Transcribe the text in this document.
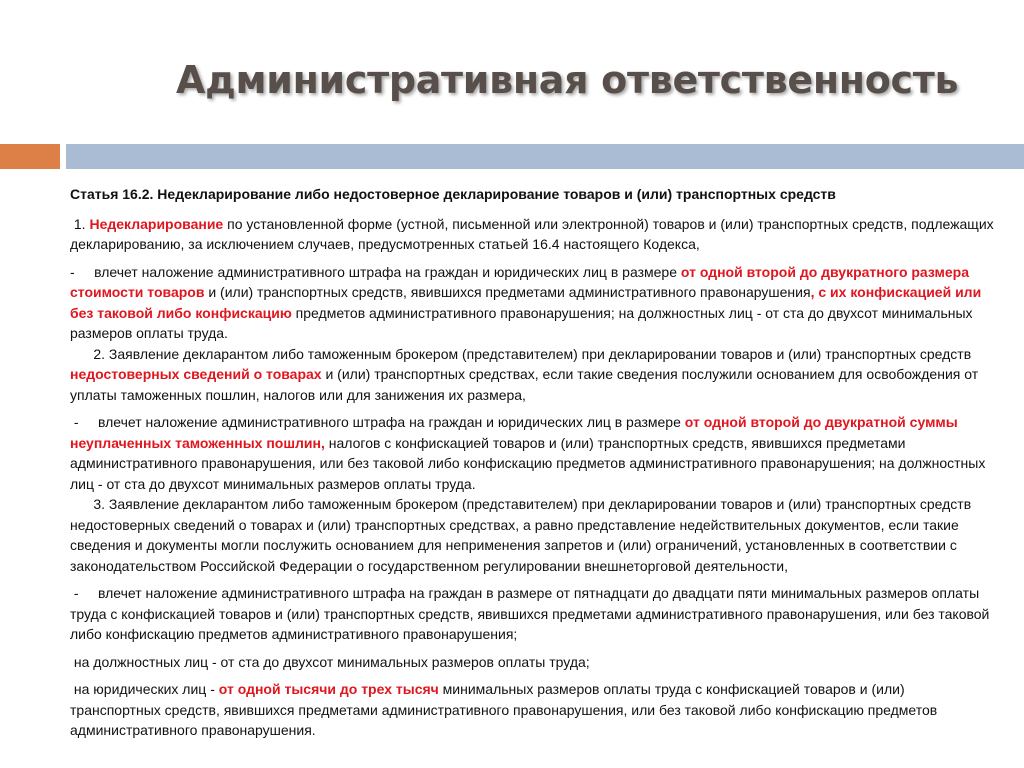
Административная ответственность

Статья 16.2. Недекларирование либо недостоверное декларирование товаров и (или) транспортных средств

1. Недекларирование по установленной форме (устной, письменной или электронной) товаров и (или) транспортных средств, подлежащих декларированию, за исключением случаев, предусмотренных статьей 16.4 настоящего Кодекса,

-     влечет наложение административного штрафа на граждан и юридических лиц в размере от одной второй до двукратного размера стоимости товаров и (или) транспортных средств, явившихся предметами административного правонарушения, с их конфискацией или без таковой либо конфискацию предметов административного правонарушения; на должностных лиц - от ста до двухсот минимальных размеров оплаты труда.

2. Заявление декларантом либо таможенным брокером (представителем) при декларировании товаров и (или) транспортных средств недостоверных сведений о товарах и (или) транспортных средствах, если такие сведения послужили основанием для освобождения от уплаты таможенных пошлин, налогов или для занижения их размера,

-     влечет наложение административного штрафа на граждан и юридических лиц в размере от одной второй до двукратной суммы неуплаченных таможенных пошлин, налогов с конфискацией товаров и (или) транспортных средств, явившихся предметами административного правонарушения, или без таковой либо конфискацию предметов административного правонарушения; на должностных лиц - от ста до двухсот минимальных размеров оплаты труда.

3. Заявление декларантом либо таможенным брокером (представителем) при декларировании товаров и (или) транспортных средств недостоверных сведений о товарах и (или) транспортных средствах, а равно представление недействительных документов, если такие сведения и документы могли послужить основанием для неприменения запретов и (или) ограничений, установленных в соответствии с законодательством Российской Федерации о государственном регулировании внешнеторговой деятельности,

-     влечет наложение административного штрафа на граждан в размере от пятнадцати до двадцати пяти минимальных размеров оплаты труда с конфискацией товаров и (или) транспортных средств, явившихся предметами административного правонарушения, или без таковой либо конфискацию предметов административного правонарушения;

на должностных лиц - от ста до двухсот минимальных размеров оплаты труда;

на юридических лиц - от одной тысячи до трех тысяч минимальных размеров оплаты труда с конфискацией товаров и (или) транспортных средств, явившихся предметами административного правонарушения, или без таковой либо конфискацию предметов административного правонарушения.
